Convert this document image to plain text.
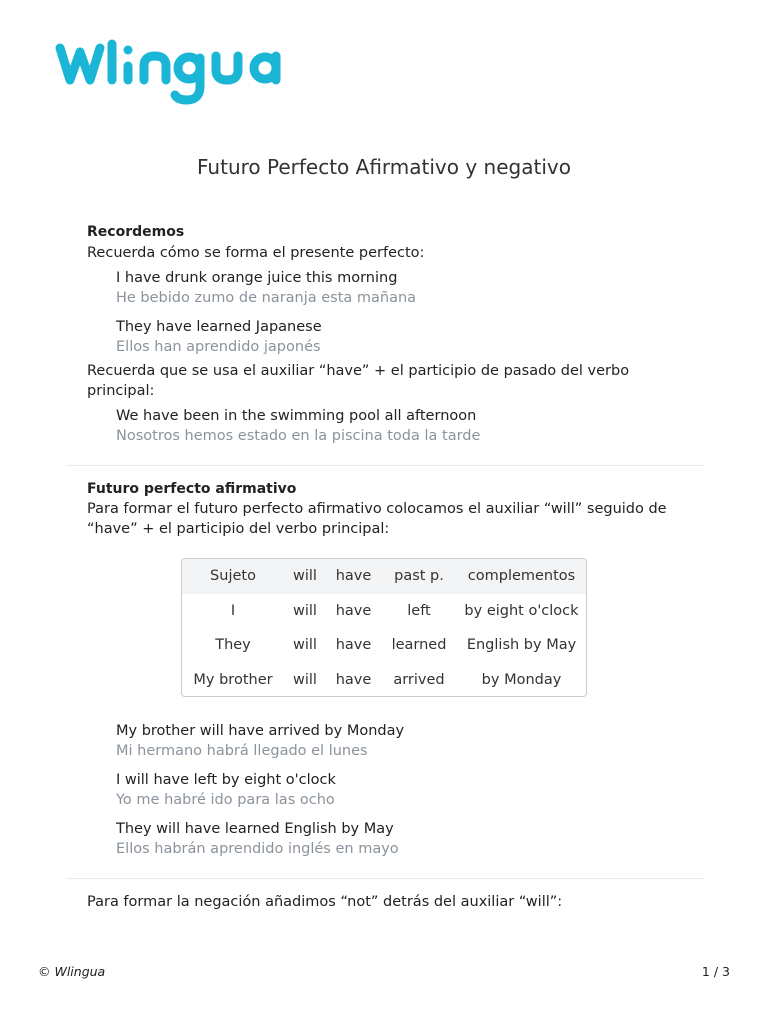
Futuro Perfecto Afirmativo y negativo
Recordemos
Recuerda cómo se forma el presente perfecto:
I have drunk orange juice this morning
He bebido zumo de naranja esta mañana
They have learned Japanese
Ellos han aprendido japonés
Recuerda que se usa el auxiliar “have” + el participio de pasado del verbo
principal:
We have been in the swimming pool all afternoon
Nosotros hemos estado en la piscina toda la tarde
Futuro perfecto afirmativo
Para formar el futuro perfecto afirmativo colocamos el auxiliar “will” seguido de
“have” + el participio del verbo principal:
Sujeto	will	have	past p.	complementos
I	will	have	left	by eight o'clock
They	will	have	learned	English by May
My brother	will	have	arrived	by Monday
My brother will have arrived by Monday
Mi hermano habrá llegado el lunes
I will have left by eight o'clock
Yo me habré ido para las ocho
They will have learned English by May
Ellos habrán aprendido inglés en mayo
Para formar la negación añadimos “not” detrás del auxiliar “will”:
© Wlingua	1 / 3
